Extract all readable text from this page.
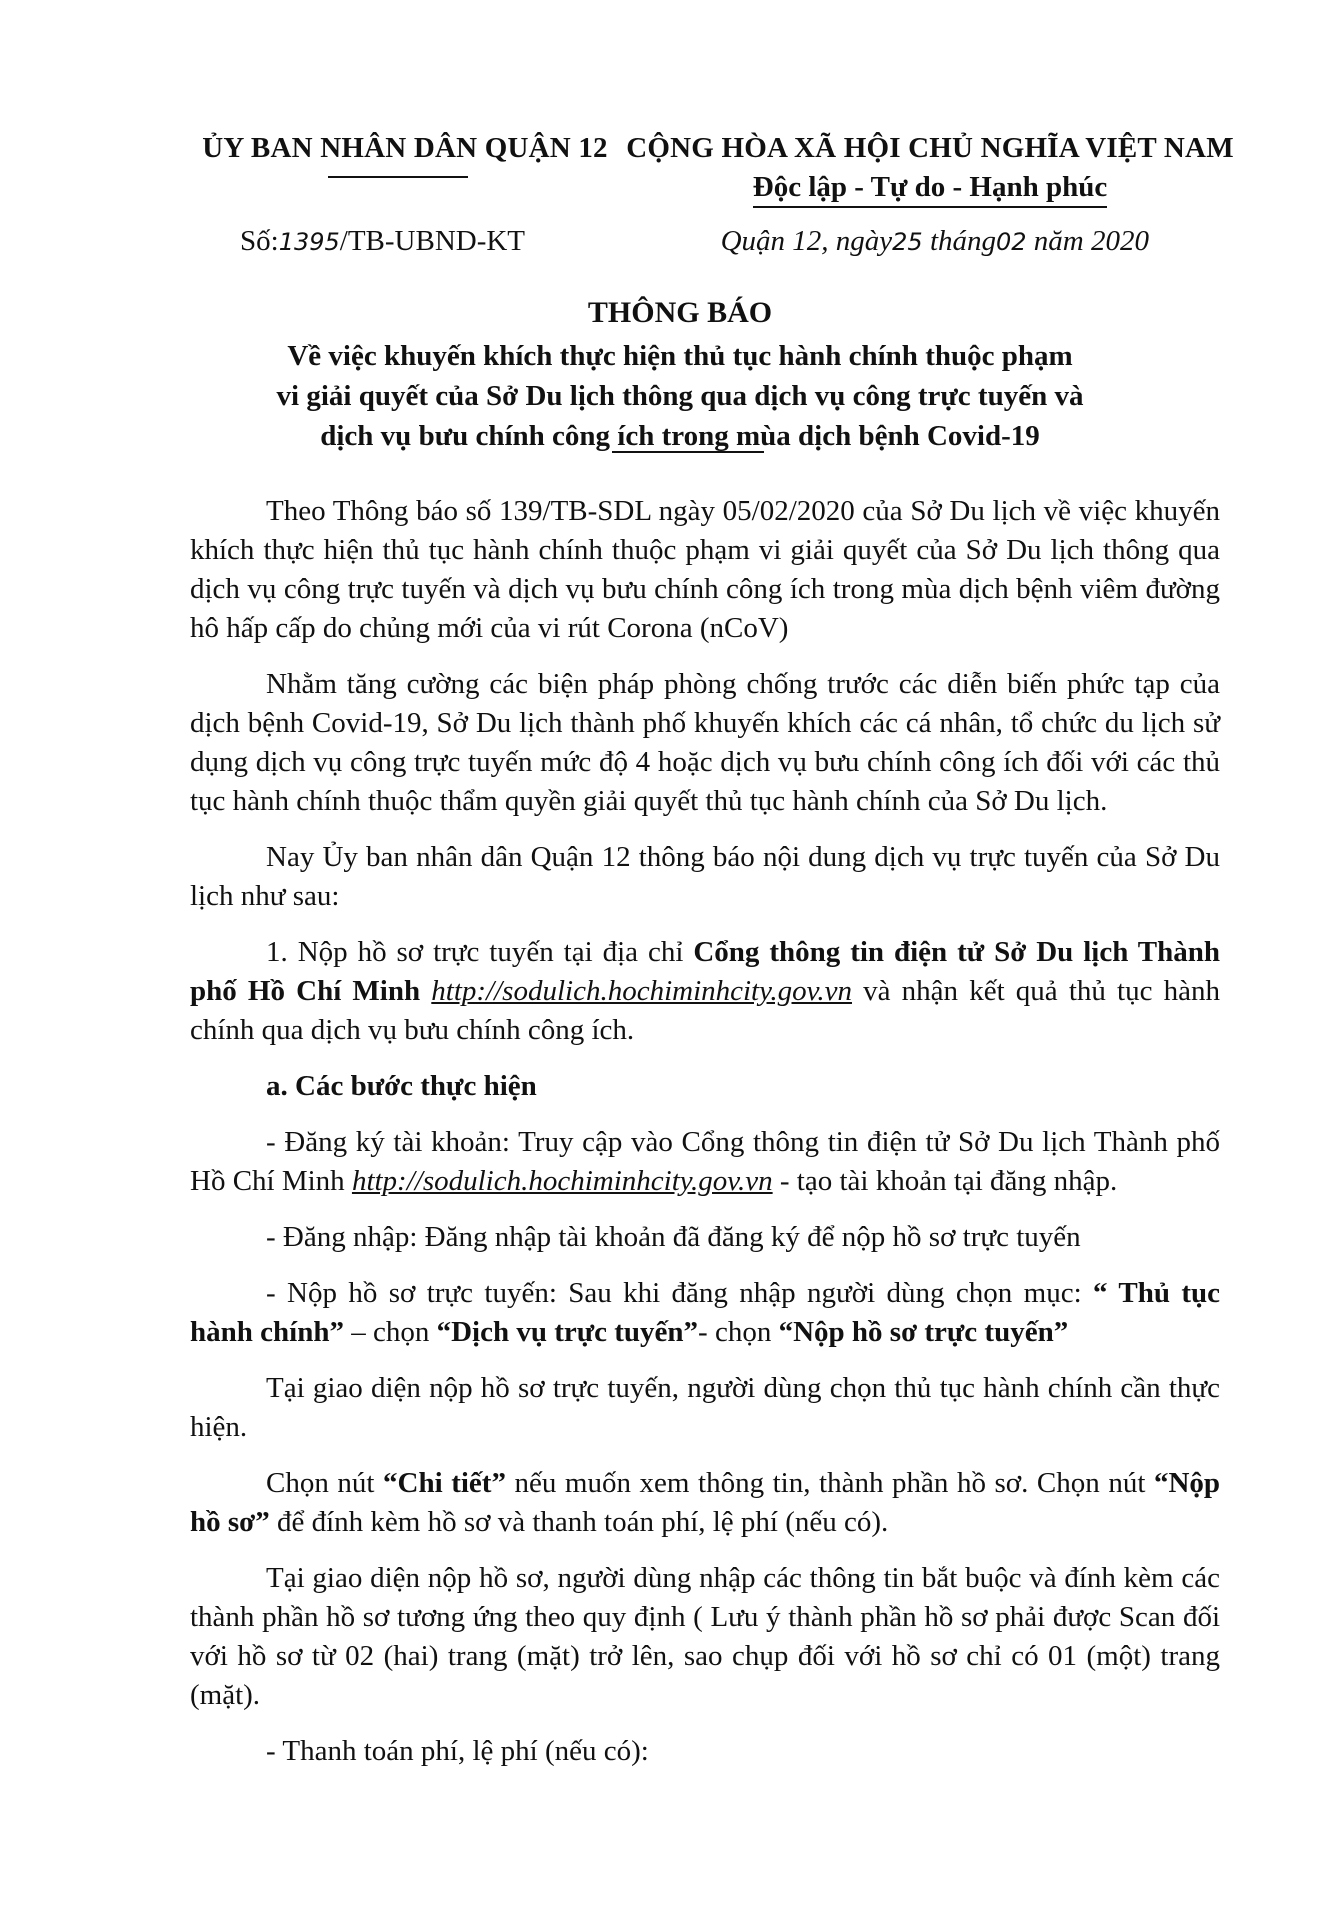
ỦY BAN NHÂN DÂN QUẬN 12 CỘNG HÒA XÃ HỘI CHỦ NGHĨA VIỆT NAM
Độc lập - Tự do - Hạnh phúc
Số:1395/TB-UBND-KT	Quận 12, ngày25 tháng02 năm 2020
THÔNG BÁO
Về việc khuyến khích thực hiện thủ tục hành chính thuộc phạm
vi giải quyết của Sở Du lịch thông qua dịch vụ công trực tuyến và
dịch vụ bưu chính công ích trong mùa dịch bệnh Covid-19

Theo Thông báo số 139/TB-SDL ngày 05/02/2020 của Sở Du lịch về việc khuyến khích thực hiện thủ tục hành chính thuộc phạm vi giải quyết của Sở Du lịch thông qua dịch vụ công trực tuyến và dịch vụ bưu chính công ích trong mùa dịch bệnh viêm đường hô hấp cấp do chủng mới của vi rút Corona (nCoV)

Nhằm tăng cường các biện pháp phòng chống trước các diễn biến phức tạp của dịch bệnh Covid-19, Sở Du lịch thành phố khuyến khích các cá nhân, tổ chức du lịch sử dụng dịch vụ công trực tuyến mức độ 4 hoặc dịch vụ bưu chính công ích đối với các thủ tục hành chính thuộc thẩm quyền giải quyết thủ tục hành chính của Sở Du lịch.

Nay Ủy ban nhân dân Quận 12 thông báo nội dung dịch vụ trực tuyến của Sở Du lịch như sau:

1. Nộp hồ sơ trực tuyến tại địa chỉ Cổng thông tin điện tử Sở Du lịch Thành phố Hồ Chí Minh http://sodulich.hochiminhcity.gov.vn và nhận kết quả thủ tục hành chính qua dịch vụ bưu chính công ích.

a. Các bước thực hiện

- Đăng ký tài khoản: Truy cập vào Cổng thông tin điện tử Sở Du lịch Thành phố Hồ Chí Minh http://sodulich.hochiminhcity.gov.vn - tạo tài khoản tại đăng nhập.

- Đăng nhập: Đăng nhập tài khoản đã đăng ký để nộp hồ sơ trực tuyến

- Nộp hồ sơ trực tuyến: Sau khi đăng nhập người dùng chọn mục: “ Thủ tục hành chính” – chọn “Dịch vụ trực tuyến”- chọn “Nộp hồ sơ trực tuyến”

Tại giao diện nộp hồ sơ trực tuyến, người dùng chọn thủ tục hành chính cần thực hiện.

Chọn nút “Chi tiết” nếu muốn xem thông tin, thành phần hồ sơ. Chọn nút “Nộp hồ sơ” để đính kèm hồ sơ và thanh toán phí, lệ phí (nếu có).

Tại giao diện nộp hồ sơ, người dùng nhập các thông tin bắt buộc và đính kèm các thành phần hồ sơ tương ứng theo quy định ( Lưu ý thành phần hồ sơ phải được Scan đối với hồ sơ từ 02 (hai) trang (mặt) trở lên, sao chụp đối với hồ sơ chỉ có 01 (một) trang (mặt).

- Thanh toán phí, lệ phí (nếu có):
